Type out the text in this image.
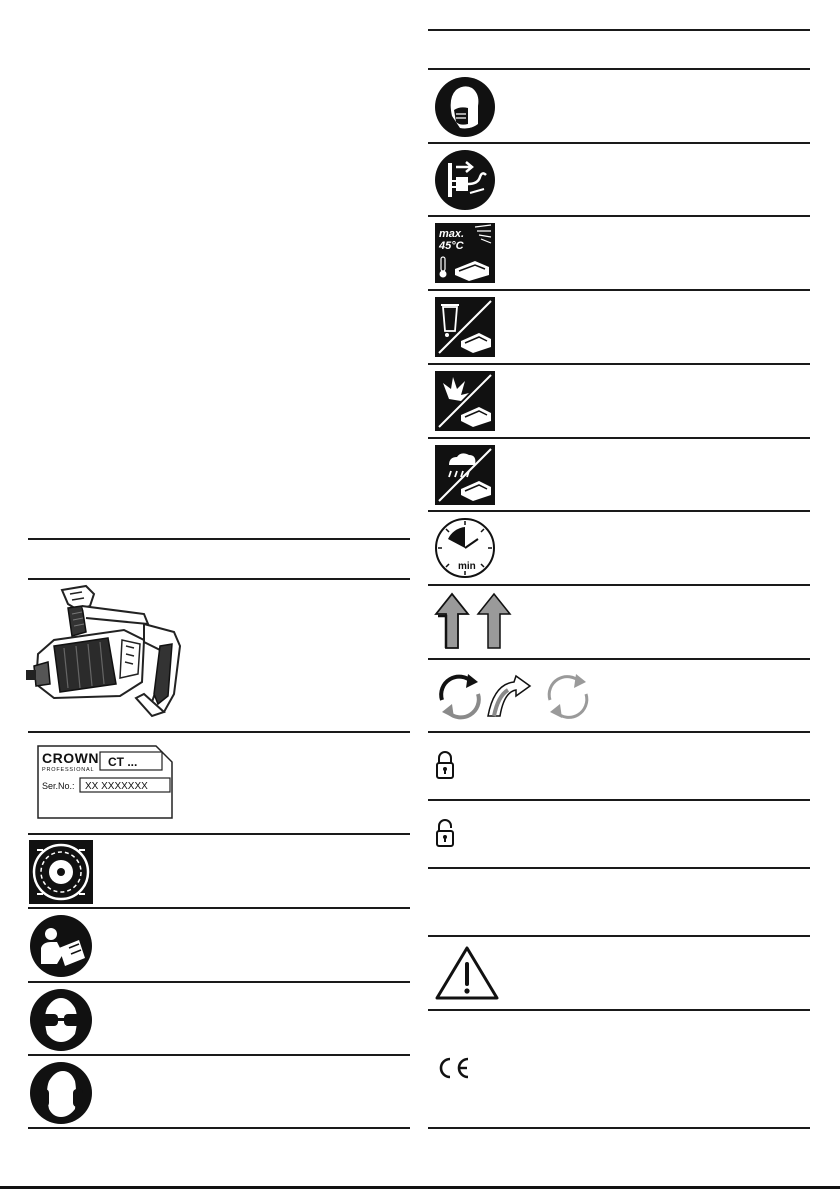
CROWN
PROFESSIONAL
CT ...
Ser.No.: XX XXXXXXX
max.
45°C
min
